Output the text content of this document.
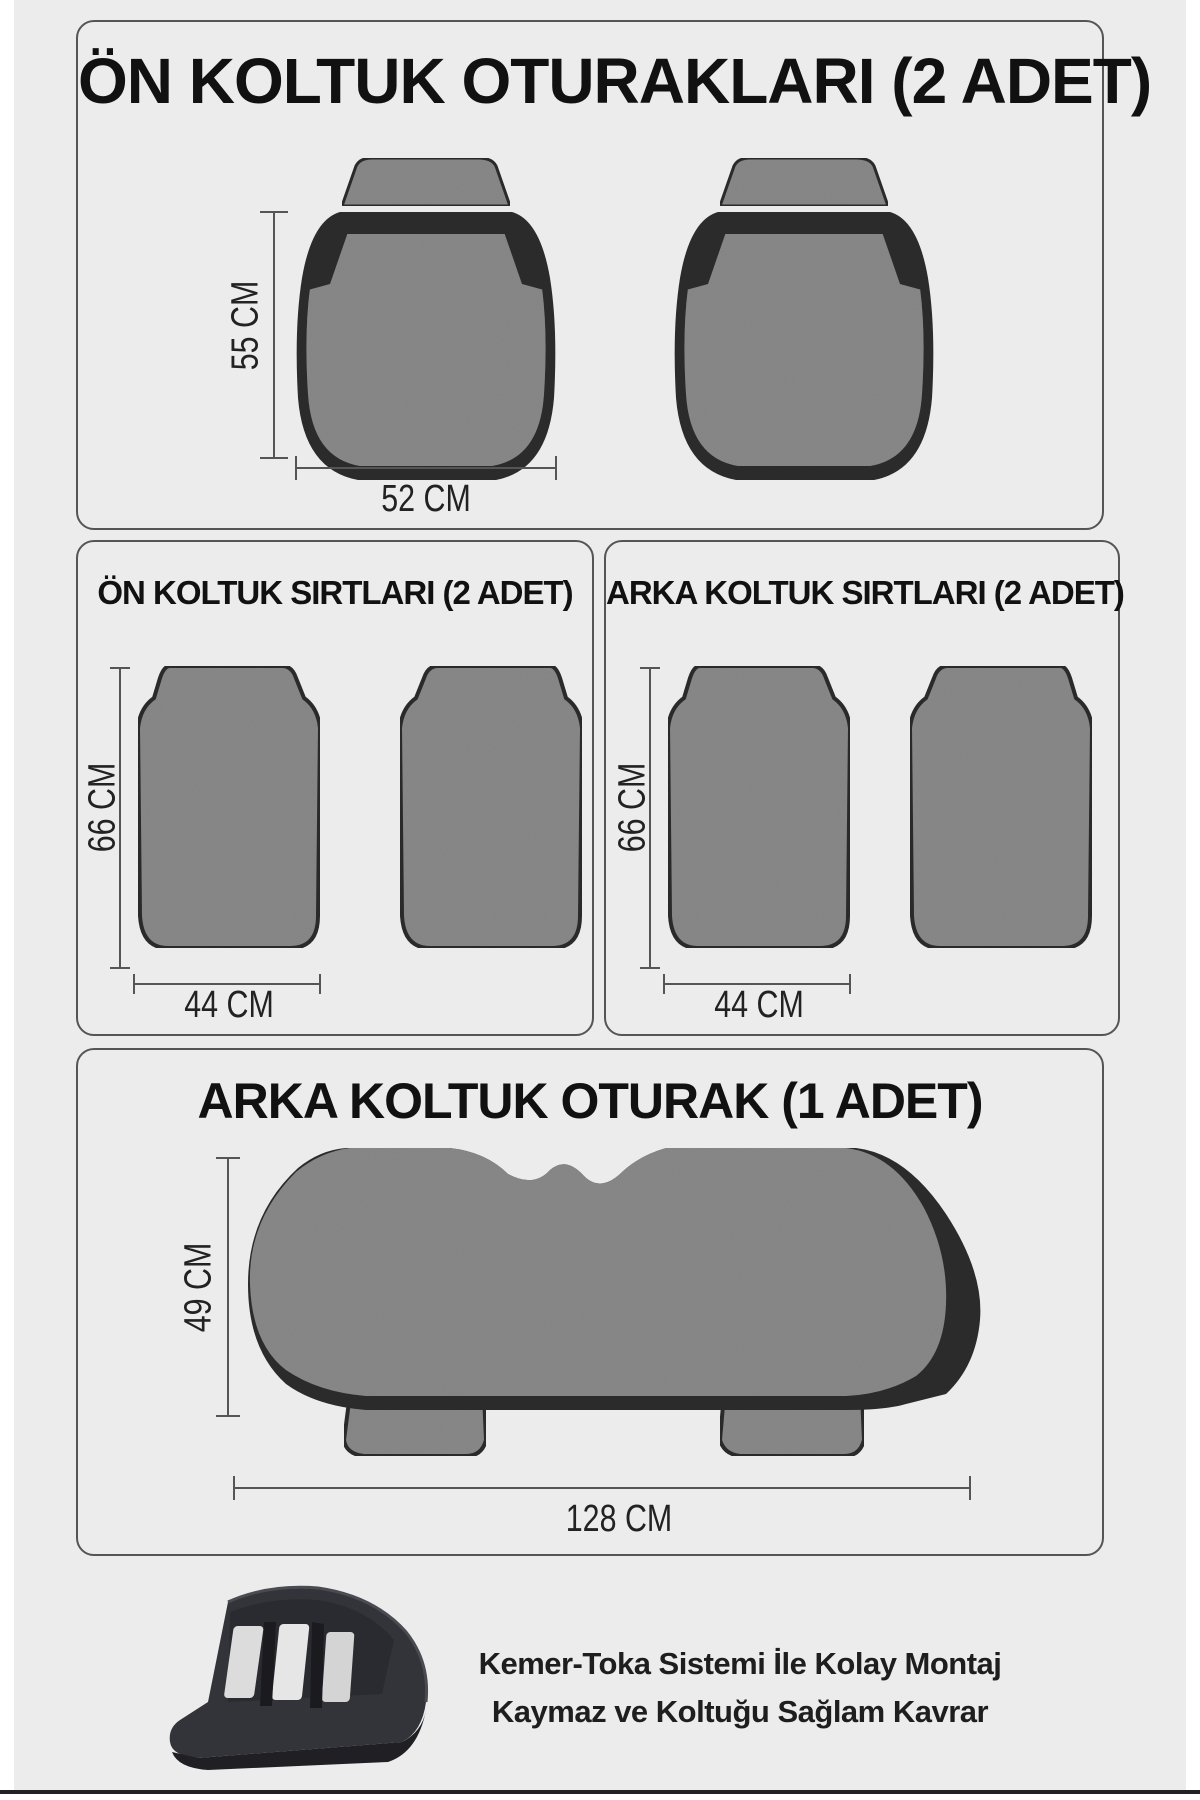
ÖN KOLTUK OTURAKLARI (2 ADET)
55 CM
52 CM
ÖN KOLTUK SIRTLARI (2 ADET)
66 CM
44 CM
ARKA KOLTUK SIRTLARI (2 ADET)
66 CM
44 CM
ARKA KOLTUK OTURAK (1 ADET)
49 CM
128 CM
Kemer-Toka Sistemi İle Kolay Montaj
Kaymaz ve Koltuğu Sağlam Kavrar
